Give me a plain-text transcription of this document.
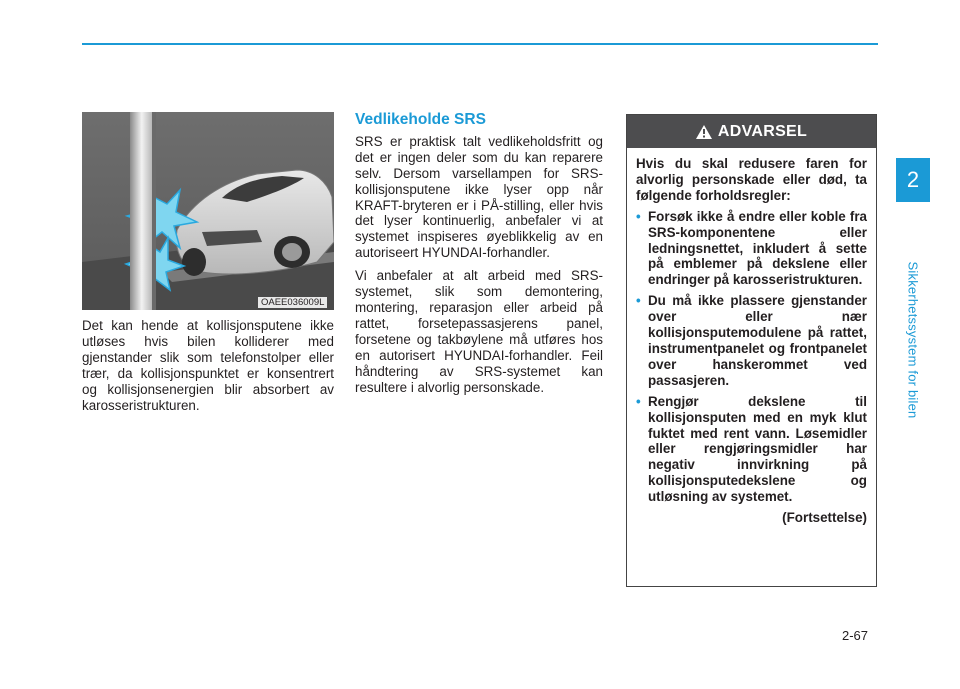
2
Sikkerhetssystem for bilen
OAEE036009L

Det kan hende at kollisjonsputene ikke utløses hvis bilen kolliderer med gjenstander slik som telefonstolper eller trær, da kollisjonspunktet er konsentrert og kollisjonsenergien blir absorbert av karosseristrukturen.

Vedlikeholde SRS

SRS er praktisk talt vedlikeholdsfritt og det er ingen deler som du kan reparere selv. Dersom varsellampen for SRS-kollisjonsputene ikke lyser opp når KRAFT-bryteren er i PÅ-stilling, eller hvis det lyser kontinuerlig, anbefaler vi at systemet inspiseres øyeblikkelig av en autoriseert HYUNDAI-forhandler.

Vi anbefaler at alt arbeid med SRS-systemet, slik som demontering, montering, reparasjon eller arbeid på rattet, forsetepassasjerens panel, forsetene og takbøylene må utføres hos en autorisert HYUNDAI-forhandler. Feil håndtering av SRS-systemet kan resultere i alvorlig personskade.

ADVARSEL

Hvis du skal redusere faren for alvorlig personskade eller død, ta følgende forholdsregler:

• Forsøk ikke å endre eller koble fra SRS-komponentene eller ledningsnettet, inkludert å sette på emblemer på dekslene eller endringer på karosseristrukturen.
• Du må ikke plassere gjenstander over eller nær kollisjonsputemodulene på rattet, instrumentpanelet og frontpanelet over hanskerommet ved passasjeren.
• Rengjør dekslene til kollisjonsputen med en myk klut fuktet med rent vann. Løsemidler eller rengjøringsmidler har negativ innvirkning på kollisjonsputedekslene og utløsning av systemet.

(Fortsettelse)

2-67
